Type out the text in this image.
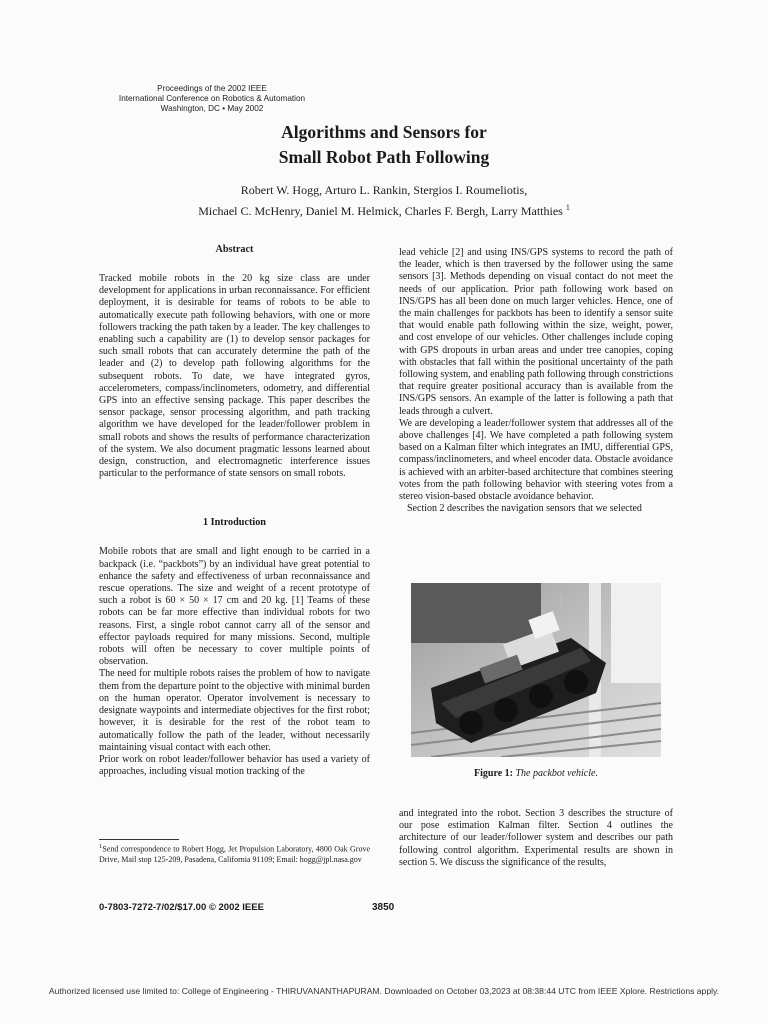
Proceedings of the 2002 IEEE
International Conference on Robotics & Automation
Washington, DC • May 2002
Algorithms and Sensors for
Small Robot Path Following
Robert W. Hogg, Arturo L. Rankin, Stergios I. Roumeliotis,
Michael C. McHenry, Daniel M. Helmick, Charles F. Bergh, Larry Matthies $^1$
Abstract

Tracked mobile robots in the 20 kg size class are under development for applications in urban reconnaissance. For efficient deployment, it is desirable for teams of robots to be able to automatically execute path following behaviors, with one or more followers tracking the path taken by a leader. The key challenges to enabling such a capability are (1) to develop sensor packages for such small robots that can accurately determine the path of the leader and (2) to develop path following algorithms for the subsequent robots. To date, we have integrated gyros, accelerometers, compass/inclinometers, odometry, and differential GPS into an effective sensing package. This paper describes the sensor package, sensor processing algorithm, and path tracking algorithm we have developed for the leader/follower problem in small robots and shows the results of performance characterization of the system. We also document pragmatic lessons learned about design, construction, and electromagnetic interference issues particular to the performance of state sensors on small robots.

1 Introduction

Mobile robots that are small and light enough to be carried in a backpack (i.e. “packbots”) by an individual have great potential to enhance the safety and effectiveness of urban reconnaissance and rescue operations. The size and weight of a recent prototype of such a robot is 60 × 50 × 17 cm and 20 kg. [1] Teams of these robots can be far more effective than individual robots for two reasons. First, a single robot cannot carry all of the sensor and effector payloads required for many missions. Second, multiple robots will often be necessary to cover multiple points of observation.

The need for multiple robots raises the problem of how to navigate them from the departure point to the objective with minimal burden on the human operator. Operator involvement is necessary to designate waypoints and intermediate objectives for the first robot; however, it is desirable for the rest of the robot team to automatically follow the path of the leader, without necessarily maintaining visual contact with each other.

Prior work on robot leader/follower behavior has used a variety of approaches, including visual motion tracking of the

$^1$Send correspondence to Robert Hogg, Jet Propulsion Laboratory, 4800 Oak Grove Drive, Mail stop 125-209, Pasadena, California 91109; Email: hogg@jpl.nasa.gov

lead vehicle [2] and using INS/GPS systems to record the path of the leader, which is then traversed by the follower using the same sensors [3]. Methods depending on visual contact do not meet the needs of our application. Prior path following work based on INS/GPS has all been done on much larger vehicles. Hence, one of the main challenges for packbots has been to identify a sensor suite that would enable path following within the size, weight, power, and cost envelope of our vehicles. Other challenges include coping with GPS dropouts in urban areas and under tree canopies, coping with obstacles that fall within the positional uncertainty of the path following system, and enabling path following through constrictions that require greater positional accuracy than is available from the INS/GPS sensors. An example of the latter is following a path that leads through a culvert.

We are developing a leader/follower system that addresses all of the above challenges [4]. We have completed a path following system based on a Kalman filter which integrates an IMU, differential GPS, compass/inclinometers, and wheel encoder data. Obstacle avoidance is achieved with an arbiter-based architecture that combines steering votes from the path following behavior with steering votes from a stereo vision-based obstacle avoidance behavior.

Section 2 describes the navigation sensors that we selected

Figure 1: The packbot vehicle.

and integrated into the robot. Section 3 describes the structure of our pose estimation Kalman filter. Section 4 outlines the architecture of our leader/follower system and describes our path following control algorithm. Experimental results are shown in section 5. We discuss the significance of the results,

0-7803-7272-7/02/$17.00 © 2002 IEEE	3850
Authorized licensed use limited to: College of Engineering - THIRUVANANTHAPURAM. Downloaded on October 03,2023 at 08:38:44 UTC from IEEE Xplore. Restrictions apply.
